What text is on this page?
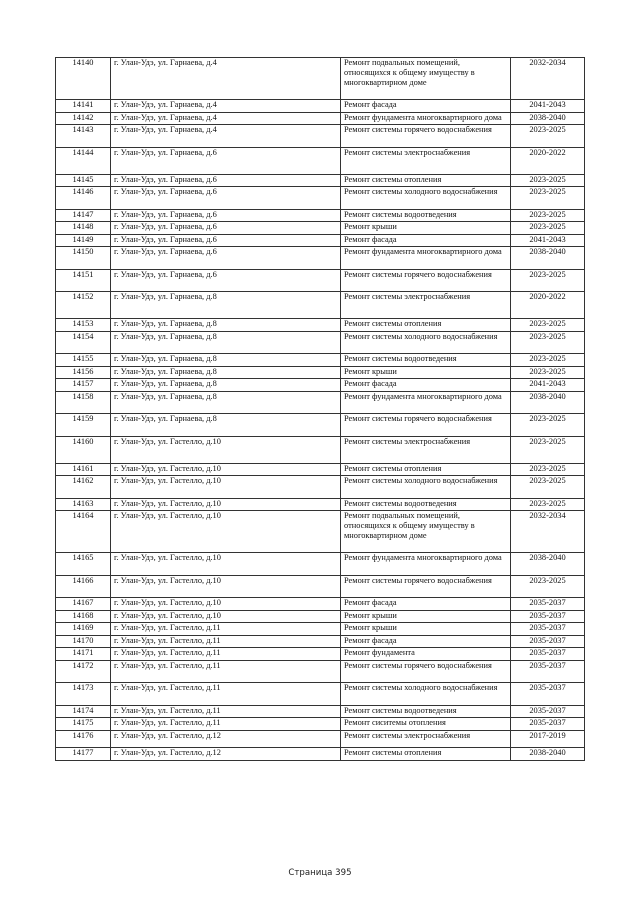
14140	г. Улан-Удэ, ул. Гарнаева, д.4	Ремонт подвальных помещений, относящихся к общему имуществу в многоквартирном доме	2032-2034
14141	г. Улан-Удэ, ул. Гарнаева, д.4	Ремонт фасада	2041-2043
14142	г. Улан-Удэ, ул. Гарнаева, д.4	Ремонт фундамента многоквартирного дома	2038-2040
14143	г. Улан-Удэ, ул. Гарнаева, д.4	Ремонт системы горячего водоснабжения	2023-2025
14144	г. Улан-Удэ, ул. Гарнаева, д.6	Ремонт системы электроснабжения	2020-2022
14145	г. Улан-Удэ, ул. Гарнаева, д.6	Ремонт системы отопления	2023-2025
14146	г. Улан-Удэ, ул. Гарнаева, д.6	Ремонт системы холодного водоснабжения	2023-2025
14147	г. Улан-Удэ, ул. Гарнаева, д.6	Ремонт системы водоотведения	2023-2025
14148	г. Улан-Удэ, ул. Гарнаева, д.6	Ремонт крыши	2023-2025
14149	г. Улан-Удэ, ул. Гарнаева, д.6	Ремонт фасада	2041-2043
14150	г. Улан-Удэ, ул. Гарнаева, д.6	Ремонт фундамента многоквартирного дома	2038-2040
14151	г. Улан-Удэ, ул. Гарнаева, д.6	Ремонт системы горячего водоснабжения	2023-2025
14152	г. Улан-Удэ, ул. Гарнаева, д.8	Ремонт системы электроснабжения	2020-2022
14153	г. Улан-Удэ, ул. Гарнаева, д.8	Ремонт системы отопления	2023-2025
14154	г. Улан-Удэ, ул. Гарнаева, д.8	Ремонт системы холодного водоснабжения	2023-2025
14155	г. Улан-Удэ, ул. Гарнаева, д.8	Ремонт системы водоотведения	2023-2025
14156	г. Улан-Удэ, ул. Гарнаева, д.8	Ремонт крыши	2023-2025
14157	г. Улан-Удэ, ул. Гарнаева, д.8	Ремонт фасада	2041-2043
14158	г. Улан-Удэ, ул. Гарнаева, д.8	Ремонт фундамента многоквартирного дома	2038-2040
14159	г. Улан-Удэ, ул. Гарнаева, д.8	Ремонт системы горячего водоснабжения	2023-2025
14160	г. Улан-Удэ, ул. Гастелло, д.10	Ремонт системы электроснабжения	2023-2025
14161	г. Улан-Удэ, ул. Гастелло, д.10	Ремонт системы отопления	2023-2025
14162	г. Улан-Удэ, ул. Гастелло, д.10	Ремонт системы холодного водоснабжения	2023-2025
14163	г. Улан-Удэ, ул. Гастелло, д.10	Ремонт системы водоотведения	2023-2025
14164	г. Улан-Удэ, ул. Гастелло, д.10	Ремонт подвальных помещений, относящихся к общему имуществу в многоквартирном доме	2032-2034
14165	г. Улан-Удэ, ул. Гастелло, д.10	Ремонт фундамента многоквартирного дома	2038-2040
14166	г. Улан-Удэ, ул. Гастелло, д.10	Ремонт системы горячего водоснабжения	2023-2025
14167	г. Улан-Удэ, ул. Гастелло, д.10	Ремонт фасада	2035-2037
14168	г. Улан-Удэ, ул. Гастелло, д.10	Ремонт крыши	2035-2037
14169	г. Улан-Удэ, ул. Гастелло, д.11	Ремонт крыши	2035-2037
14170	г. Улан-Удэ, ул. Гастелло, д.11	Ремонт фасада	2035-2037
14171	г. Улан-Удэ, ул. Гастелло, д.11	Ремонт фундамента	2035-2037
14172	г. Улан-Удэ, ул. Гастелло, д.11	Ремонт системы горячего водоснабжения	2035-2037
14173	г. Улан-Удэ, ул. Гастелло, д.11	Ремонт системы холодного водоснабжения	2035-2037
14174	г. Улан-Удэ, ул. Гастелло, д.11	Ремонт системы водоотведения	2035-2037
14175	г. Улан-Удэ, ул. Гастелло, д.11	Ремонт сиситемы отопления	2035-2037
14176	г. Улан-Удэ, ул. Гастелло, д.12	Ремонт системы электроснабжения	2017-2019
14177	г. Улан-Удэ, ул. Гастелло, д.12	Ремонт системы отопления	2038-2040
Страница 395
